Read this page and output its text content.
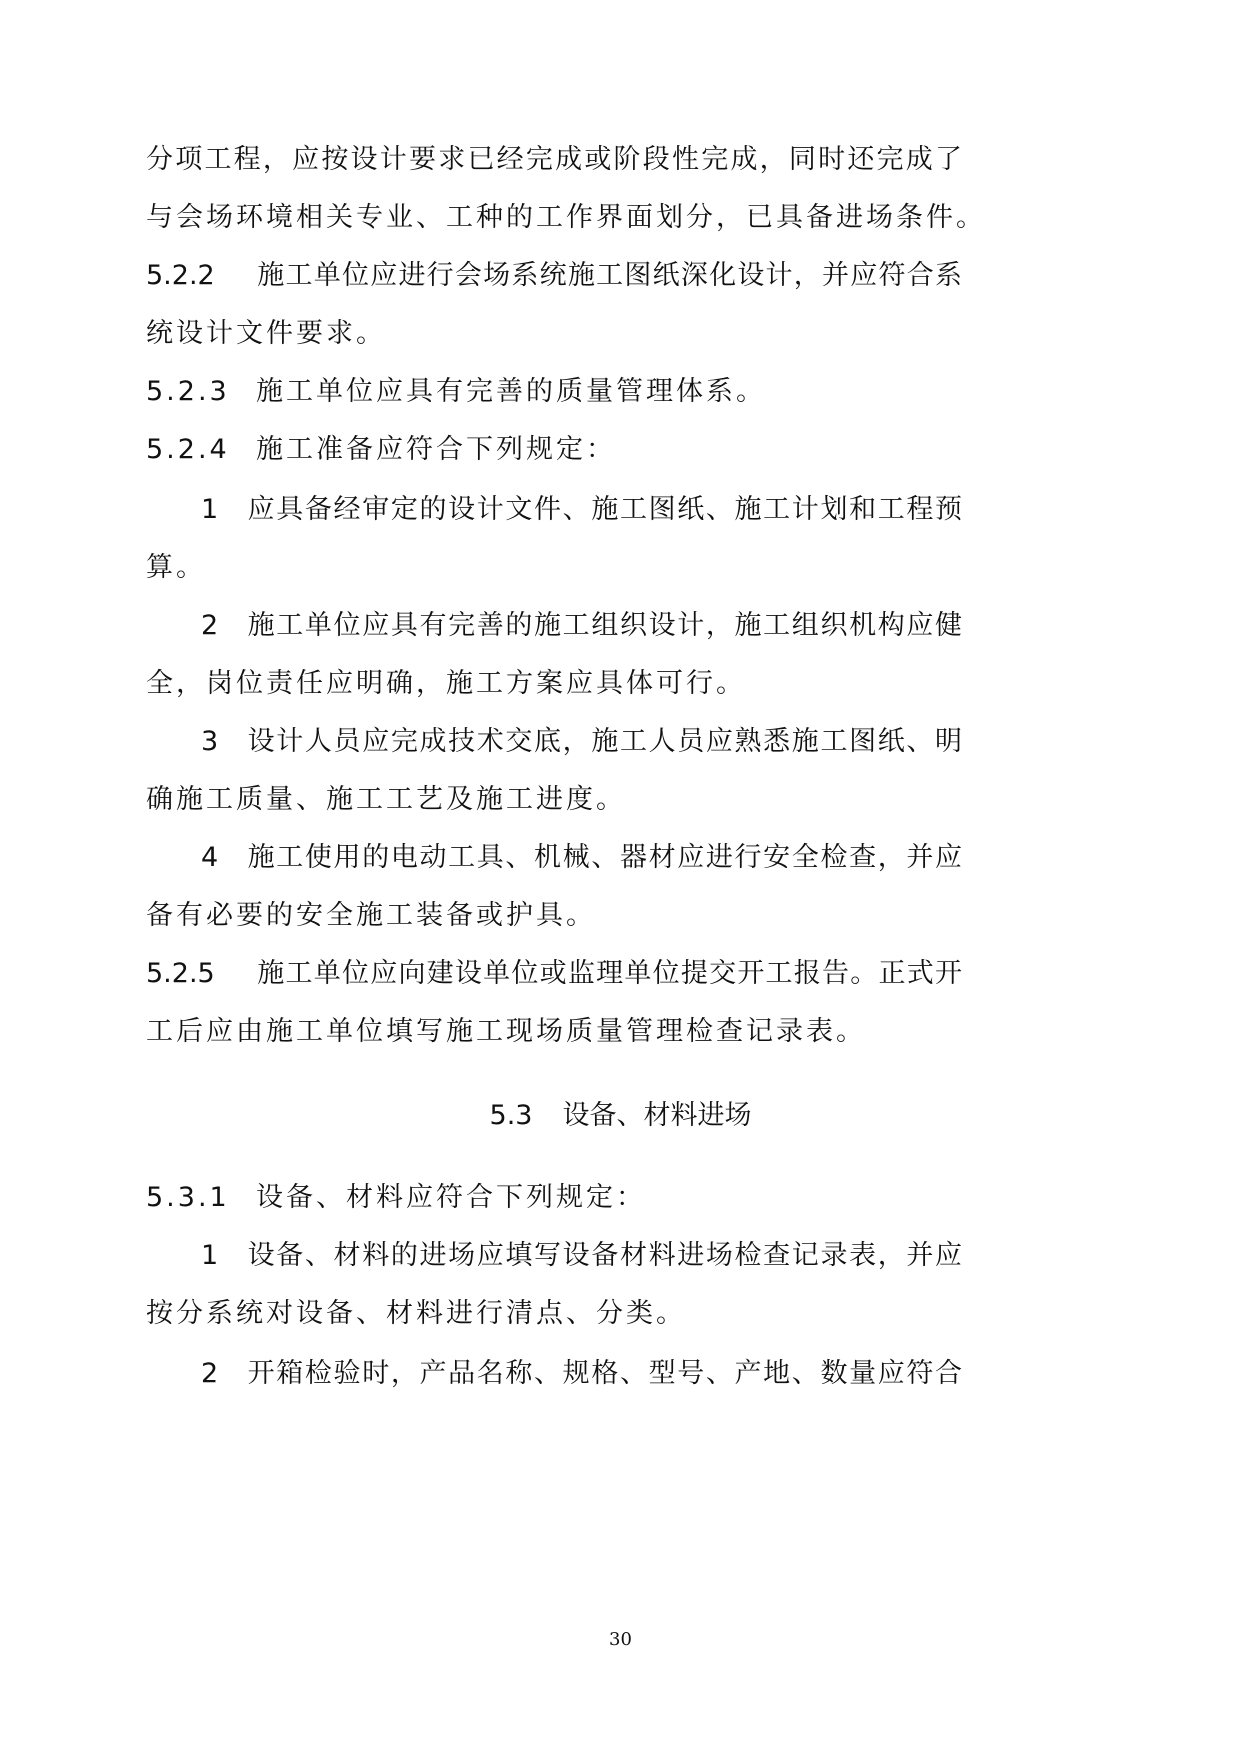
分项工程，应按设计要求已经完成或阶段性完成，同时还完成了
与会场环境相关专业、工种的工作界面划分，已具备进场条件。
5.2.2 施工单位应进行会场系统施工图纸深化设计，并应符合系
统设计文件要求。
5.2.3 施工单位应具有完善的质量管理体系。
5.2.4 施工准备应符合下列规定：
1 应具备经审定的设计文件、施工图纸、施工计划和工程预
算。
2 施工单位应具有完善的施工组织设计，施工组织机构应健
全，岗位责任应明确，施工方案应具体可行。
3 设计人员应完成技术交底，施工人员应熟悉施工图纸、明
确施工质量、施工工艺及施工进度。
4 施工使用的电动工具、机械、器材应进行安全检查，并应
备有必要的安全施工装备或护具。
5.2.5 施工单位应向建设单位或监理单位提交开工报告。正式开
工后应由施工单位填写施工现场质量管理检查记录表。
5.3 设备、材料进场
5.3.1 设备、材料应符合下列规定：
1 设备、材料的进场应填写设备材料进场检查记录表，并应
按分系统对设备、材料进行清点、分类。
2 开箱检验时，产品名称、规格、型号、产地、数量应符合
30
